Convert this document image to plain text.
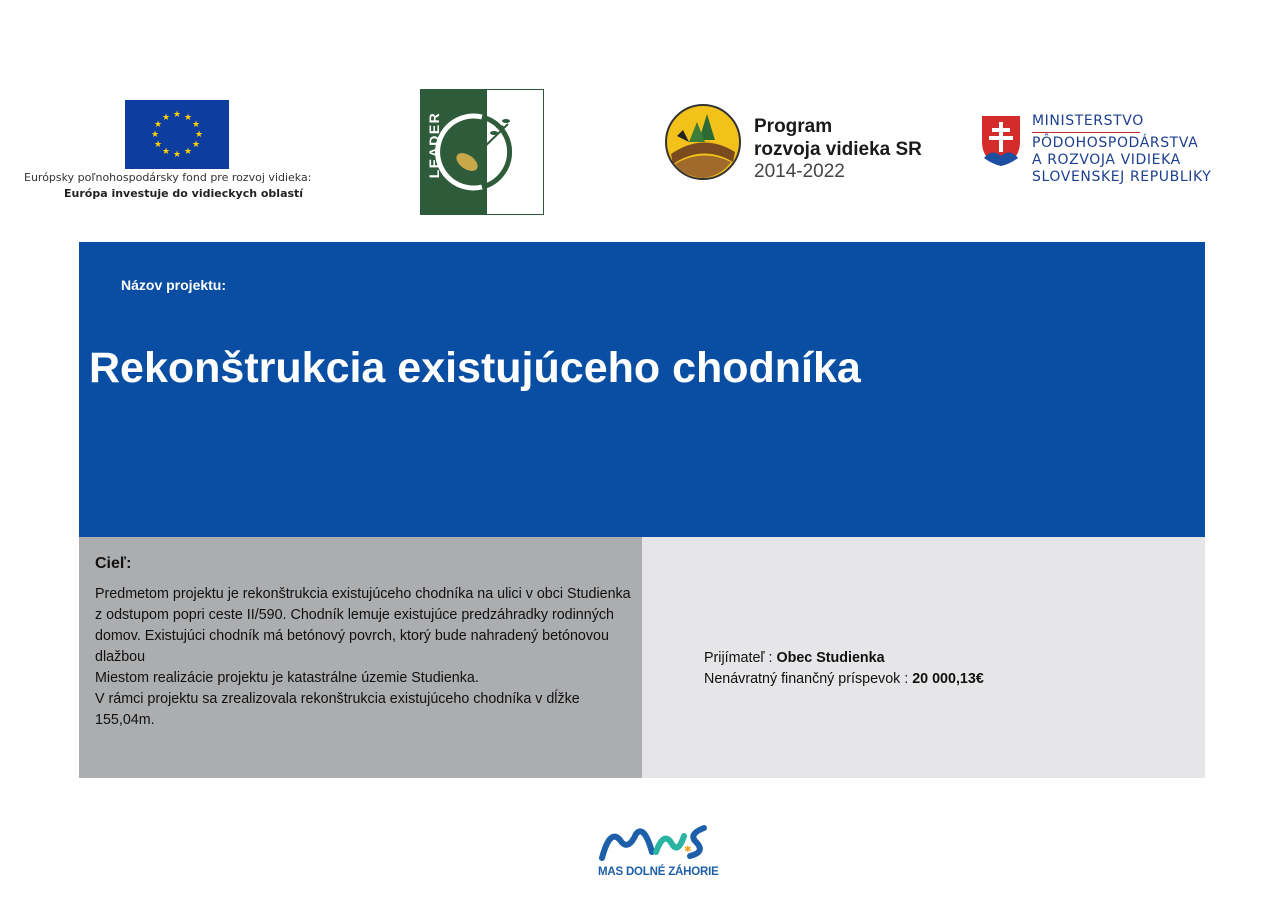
★ ★
★
★
★
★
★
★
★
★
★
★
Európsky poľnohospodársky fond pre rozvoj vidieka:
Európa investuje do vidieckych oblastí
LEADER	Program
rozvoja vidieka SR
2014-2022
MINISTERSTVO
PÔDOHOSPODÁRSTVA
A ROZVOJA VIDIEKA
SLOVENSKEJ REPUBLIKY
Názov projektu:
Rekonštrukcia existujúceho chodníka
Cieľ:

Predmetom projektu je rekonštrukcia existujúceho chodníka na ulici v obci Studienka z odstupom popri ceste II/590. Chodník lemuje existujúce predzáhradky rodinných domov. Existujúci chodník má betónový povrch, ktorý bude nahradený betónovou dlažbou

Miestom realizácie projektu je katastrálne územie Studienka.

V rámci projektu sa zrealizovala rekonštrukcia existujúceho chodníka v dĺžke 155,04m.

Prijímateľ : Obec Studienka
Nenávratný finančný príspevok : 20 000,13€
✱
MAS DOLNÉ ZÁHORIE
